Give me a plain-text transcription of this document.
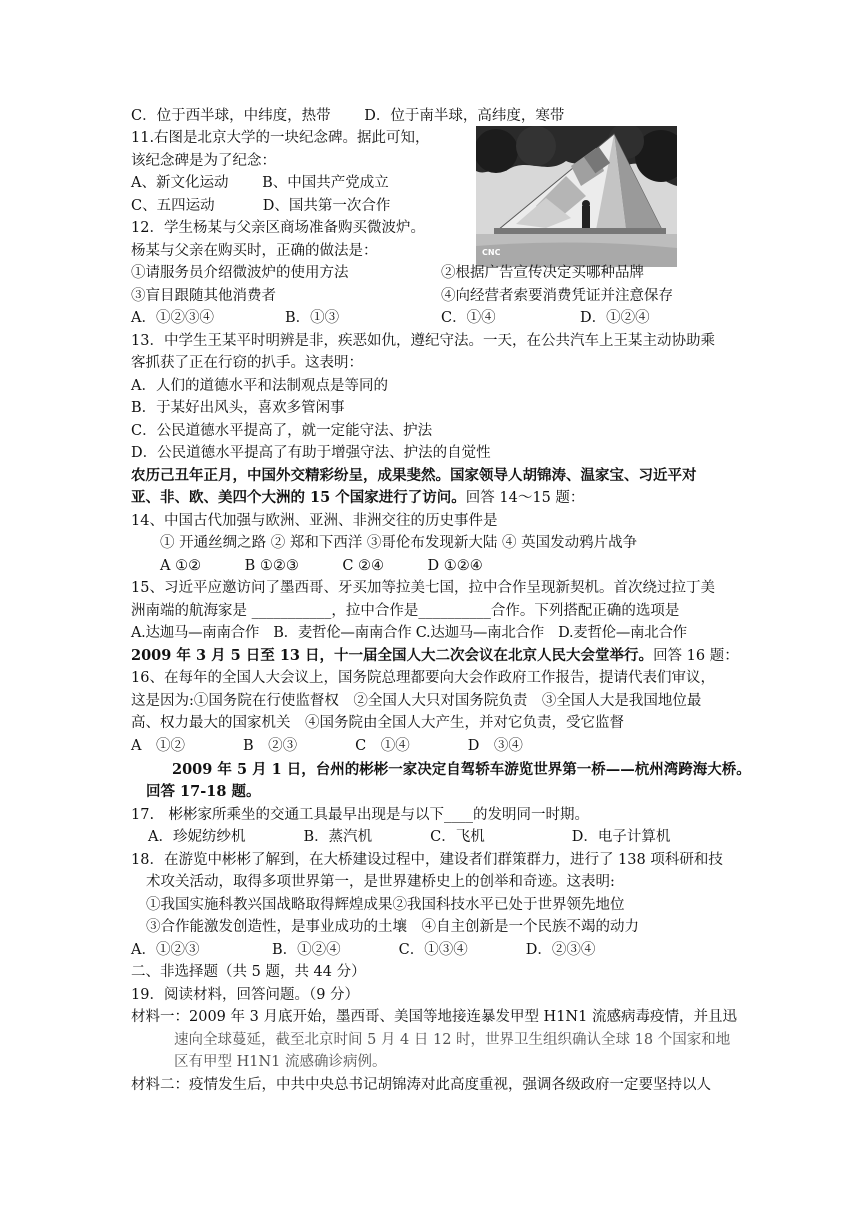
CNC
C．位于西半球，中纬度，热带　　 D．位于南半球，高纬度，寒带
11.右图是北京大学的一块纪念碑。据此可知，
该纪念碑是为了纪念：
A、新文化运动　　 B、中国共产党成立
C、五四运动　　　 D、国共第一次合作
12．学生杨某与父亲区商场准备购买微波炉。
杨某与父亲在购买时，正确的做法是：
①请服务员介绍微波炉的使用方法	②根据广告宣传决定买哪种品牌
③盲目跟随其他消费者	④向经营者索要消费凭证并注意保存
A．①②③④	B．①③	C．①④	D．①②④
13．中学生王某平时明辨是非，疾恶如仇，遵纪守法。一天，在公共汽车上王某主动协助乘
客抓获了正在行窃的扒手。这表明：
A．人们的道德水平和法制观点是等同的
B．于某好出风头，喜欢多管闲事
C．公民道德水平提高了，就一定能守法、护法
D．公民道德水平提高了有助于增强守法、护法的自觉性
农历己丑年正月，中国外交精彩纷呈，成果斐然。国家领导人胡锦涛、温家宝、习近平对
亚、非、欧、美四个大洲的 15 个国家进行了访问。回答 14～15 题：
14、中国古代加强与欧洲、亚洲、非洲交往的历史事件是
① 开通丝绸之路 ② 郑和下西洋 ③哥伦布发现新大陆 ④ 英国发动鸦片战争
A ①②　　　B ①②③　　　C ②④　　　D ①②④
15、习近平应邀访问了墨西哥、牙买加等拉美七国，拉中合作呈现新契机。首次绕过拉丁美
洲南端的航海家是 ___________，拉中合作是__________合作。下列搭配正确的选项是
A.达迦马—南南合作　B．麦哲伦—南南合作 C.达迦马—南北合作　D.麦哲伦—南北合作
2009 年 3 月 5 日至 13 日，十一届全国人大二次会议在北京人民大会堂举行。回答 16 题：
16、在每年的全国人大会议上，国务院总理都要向大会作政府工作报告，提请代表们审议，
这是因为:①国务院在行使监督权　②全国人大只对国务院负责　③全国人大是我国地位最
高、权力最大的国家机关　④国务院由全国人大产生，并对它负责，受它监督
A　①②　　　　B　②③　　　　C　①④　　　　D　③④
2009 年 5 月 1 日，台州的彬彬一家决定自驾轿车游览世界第一桥——杭州湾跨海大桥。
回答 17-18 题。
17.　彬彬家所乘坐的交通工具最早出现是与以下____的发明同一时期。
A．珍妮纺纱机　　　　B．蒸汽机　　　　C．飞机　　　　　　D．电子计算机
18．在游览中彬彬了解到，在大桥建设过程中，建设者们群策群力，进行了 138 项科研和技
术攻关活动，取得多项世界第一，是世界建桥史上的创举和奇迹。这表明:
①我国实施科教兴国战略取得辉煌成果②我国科技水平已处于世界领先地位
③合作能激发创造性，是事业成功的土壤　④自主创新是一个民族不竭的动力
A．①②③　　　　　B．①②④　　　　C．①③④　　　　D．②③④
二、非选择题（共 5 题，共 44 分）
19．阅读材料，回答问题。（9 分）
材料一：2009 年 3 月底开始，墨西哥、美国等地接连暴发甲型 H1N1 流感病毒疫情，并且迅
速向全球蔓延，截至北京时间 5 月 4 日 12 时，世界卫生组织确认全球 18 个国家和地
区有甲型 H1N1 流感确诊病例。
材料二：疫情发生后，中共中央总书记胡锦涛对此高度重视，强调各级政府一定要坚持以人
